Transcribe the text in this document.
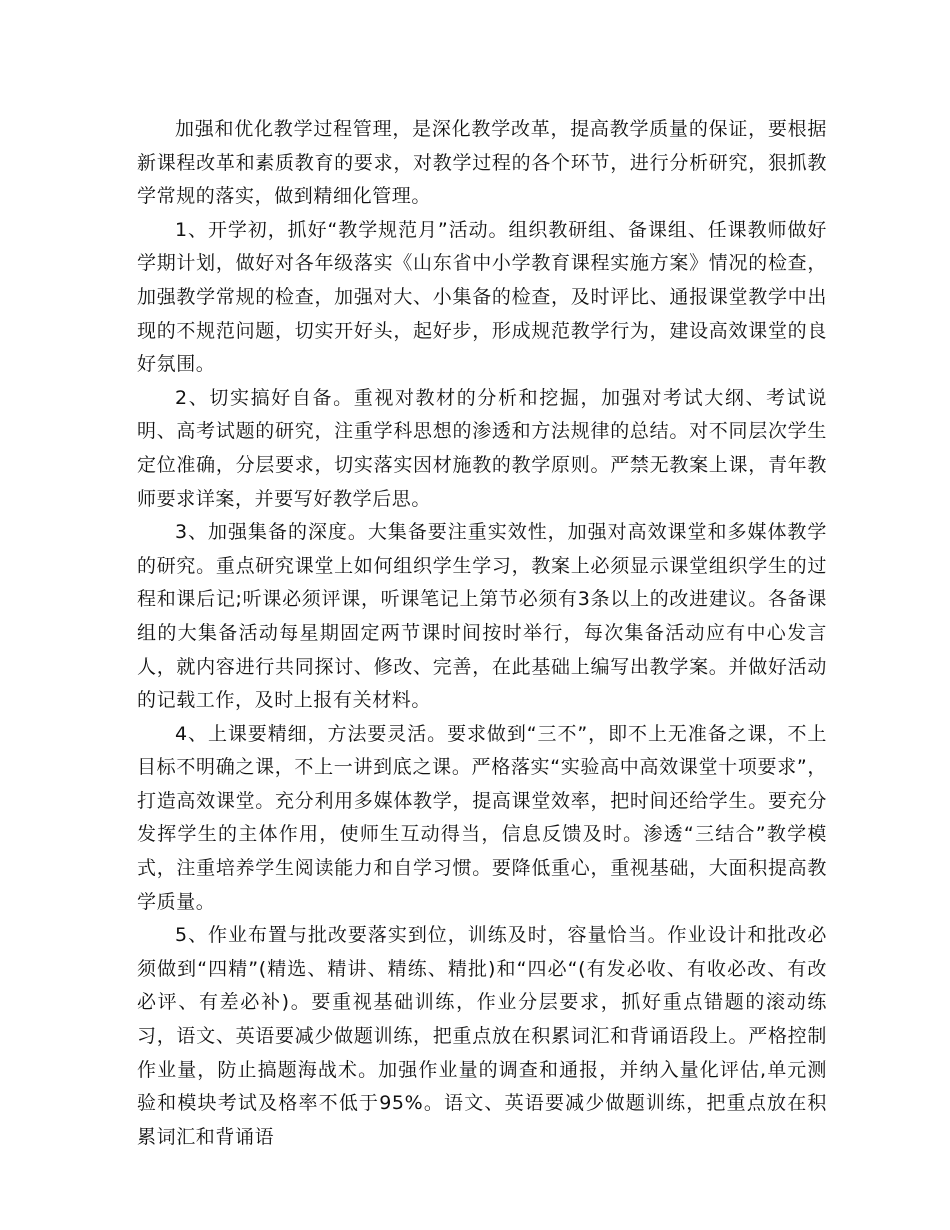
加强和优化教学过程管理，是深化教学改革，提高教学质量的保证，要根据新课程改革和素质教育的要求，对教学过程的各个环节，进行分析研究，狠抓教学常规的落实，做到精细化管理。

1、开学初，抓好“教学规范月”活动。组织教研组、备课组、任课教师做好学期计划，做好对各年级落实《山东省中小学教育课程实施方案》情况的检查，加强教学常规的检查，加强对大、小集备的检查，及时评比、通报课堂教学中出现的不规范问题，切实开好头，起好步，形成规范教学行为，建设高效课堂的良好氛围。

2、切实搞好自备。重视对教材的分析和挖掘，加强对考试大纲、考试说明、高考试题的研究，注重学科思想的渗透和方法规律的总结。对不同层次学生定位准确，分层要求，切实落实因材施教的教学原则。严禁无教案上课，青年教师要求详案，并要写好教学后思。

3、加强集备的深度。大集备要注重实效性，加强对高效课堂和多媒体教学的研究。重点研究课堂上如何组织学生学习，教案上必须显示课堂组织学生的过程和课后记;听课必须评课，听课笔记上第节必须有3条以上的改进建议。各备课组的大集备活动每星期固定两节课时间按时举行，每次集备活动应有中心发言人，就内容进行共同探讨、修改、完善，在此基础上编写出教学案。并做好活动的记载工作，及时上报有关材料。

4、上课要精细，方法要灵活。要求做到“三不”，即不上无准备之课，不上目标不明确之课，不上一讲到底之课。严格落实“实验高中高效课堂十项要求”，打造高效课堂。充分利用多媒体教学，提高课堂效率，把时间还给学生。要充分发挥学生的主体作用，使师生互动得当，信息反馈及时。渗透“三结合”教学模式，注重培养学生阅读能力和自学习惯。要降低重心，重视基础，大面积提高教学质量。

5、作业布置与批改要落实到位，训练及时，容量恰当。作业设计和批改必须做到“四精”(精选、精讲、精练、精批)和“四必“(有发必收、有收必改、有改必评、有差必补)。要重视基础训练，作业分层要求，抓好重点错题的滚动练习，语文、英语要减少做题训练，把重点放在积累词汇和背诵语段上。严格控制作业量，防止搞题海战术。加强作业量的调查和通报，并纳入量化评估,单元测验和模块考试及格率不低于95%。语文、英语要减少做题训练，把重点放在积累词汇和背诵语
